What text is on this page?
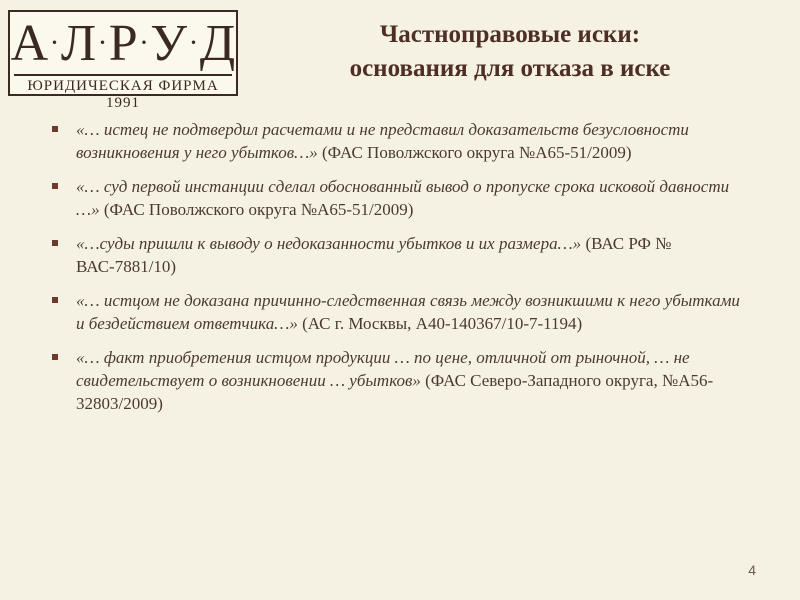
А · Л · Р · У · Д
ЮРИДИЧЕСКАЯ ФИРМА 1991
Частноправовые иски:
основания для отказа в иске
«… истец не подтвердил расчетами и не представил доказательств безусловности возникновения у него убытков…» (ФАС Поволжского округа №А65-51/2009)
«… суд первой инстанции сделал обоснованный вывод о пропуске срока исковой давности …» (ФАС Поволжского округа №А65-51/2009)
«…суды пришли к выводу о недоказанности убытков и их размера…» (ВАС РФ № ВАС-7881/10)
«… истцом не доказана причинно-следственная связь между возникшими к него убытками и бездействием ответчика…» (АС г. Москвы, А40-140367/10-7-1194)
«… факт приобретения истцом продукции … по цене, отличной от рыночной, … не свидетельствует о возникновении … убытков» (ФАС Северо-Западного округа, №А56-32803/2009)
4
